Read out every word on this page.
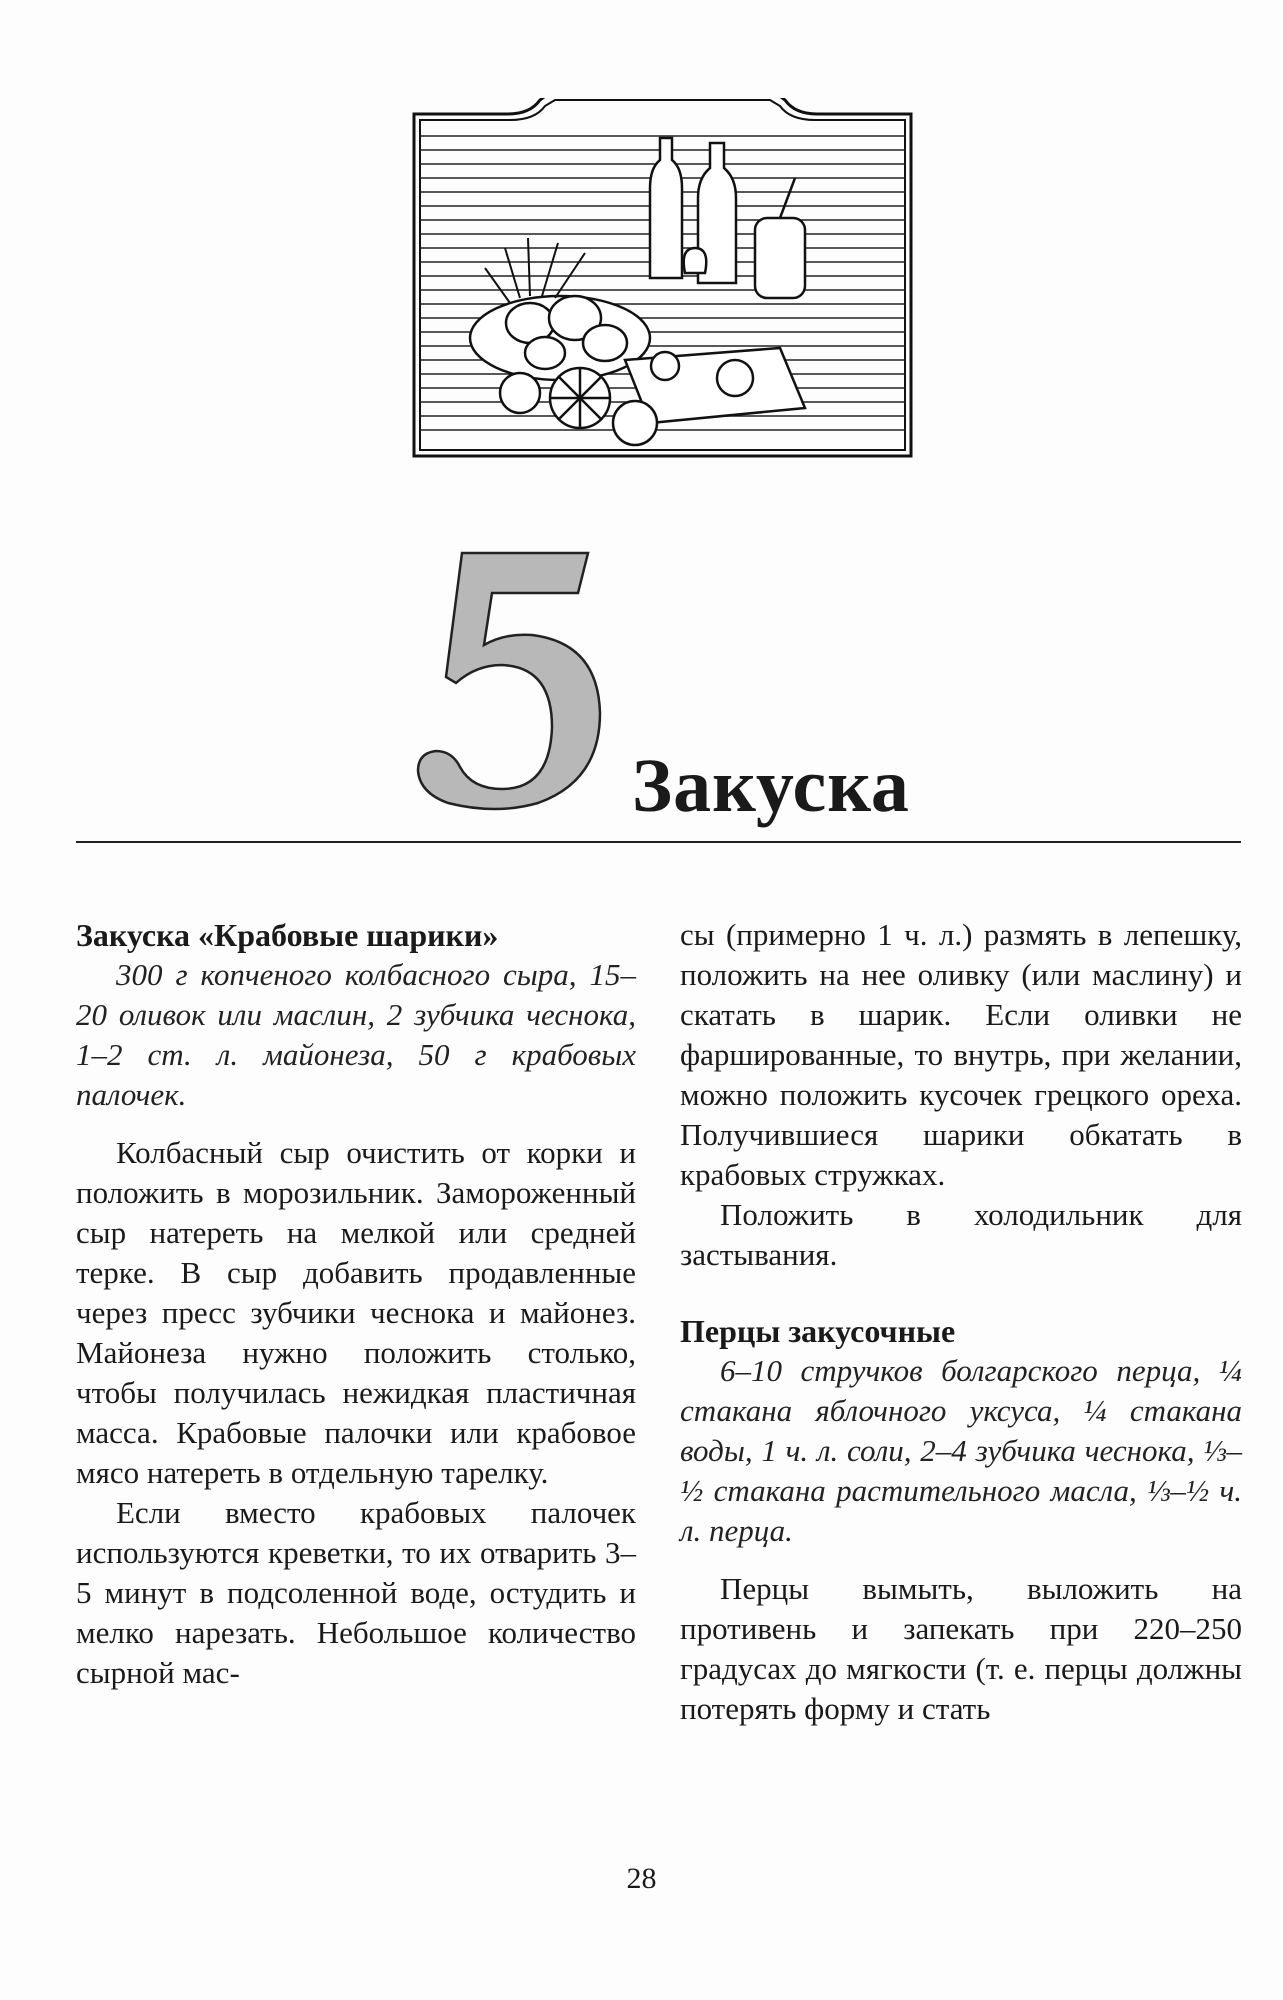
Закуска

Закуска «Крабовые шарики»

300 г копченого колбасного сыра, 15–20 оливок или маслин, 2 зубчика чеснока, 1–2 ст. л. майонеза, 50 г крабовых палочек.

Колбасный сыр очистить от корки и положить в морозильник. Замороженный сыр натереть на мелкой или средней терке. В сыр добавить продавленные через пресс зубчики чеснока и майонез. Майонеза нужно положить столько, чтобы получилась нежидкая пластичная масса. Крабовые палочки или крабовое мясо натереть в отдельную тарелку.

Если вместо крабовых палочек используются креветки, то их отварить 3–5 минут в подсоленной воде, остудить и мелко нарезать. Небольшое количество сырной мас-

сы (примерно 1 ч. л.) размять в лепешку, положить на нее оливку (или маслину) и скатать в шарик. Если оливки не фаршированные, то внутрь, при желании, можно положить кусочек грецкого ореха. Получившиеся шарики обкатать в крабовых стружках.

Положить в холодильник для застывания.

Перцы закусочные

6–10 стручков болгарского перца, ¼ стакана яблочного уксуса, ¼ стакана воды, 1 ч. л. соли, 2–4 зубчика чеснока, ⅓–½ стакана растительного масла, ⅓–½ ч. л. перца.

Перцы вымыть, выложить на противень и запекать при 220–250 градусах до мягкости (т. е. перцы должны потерять форму и стать

28
